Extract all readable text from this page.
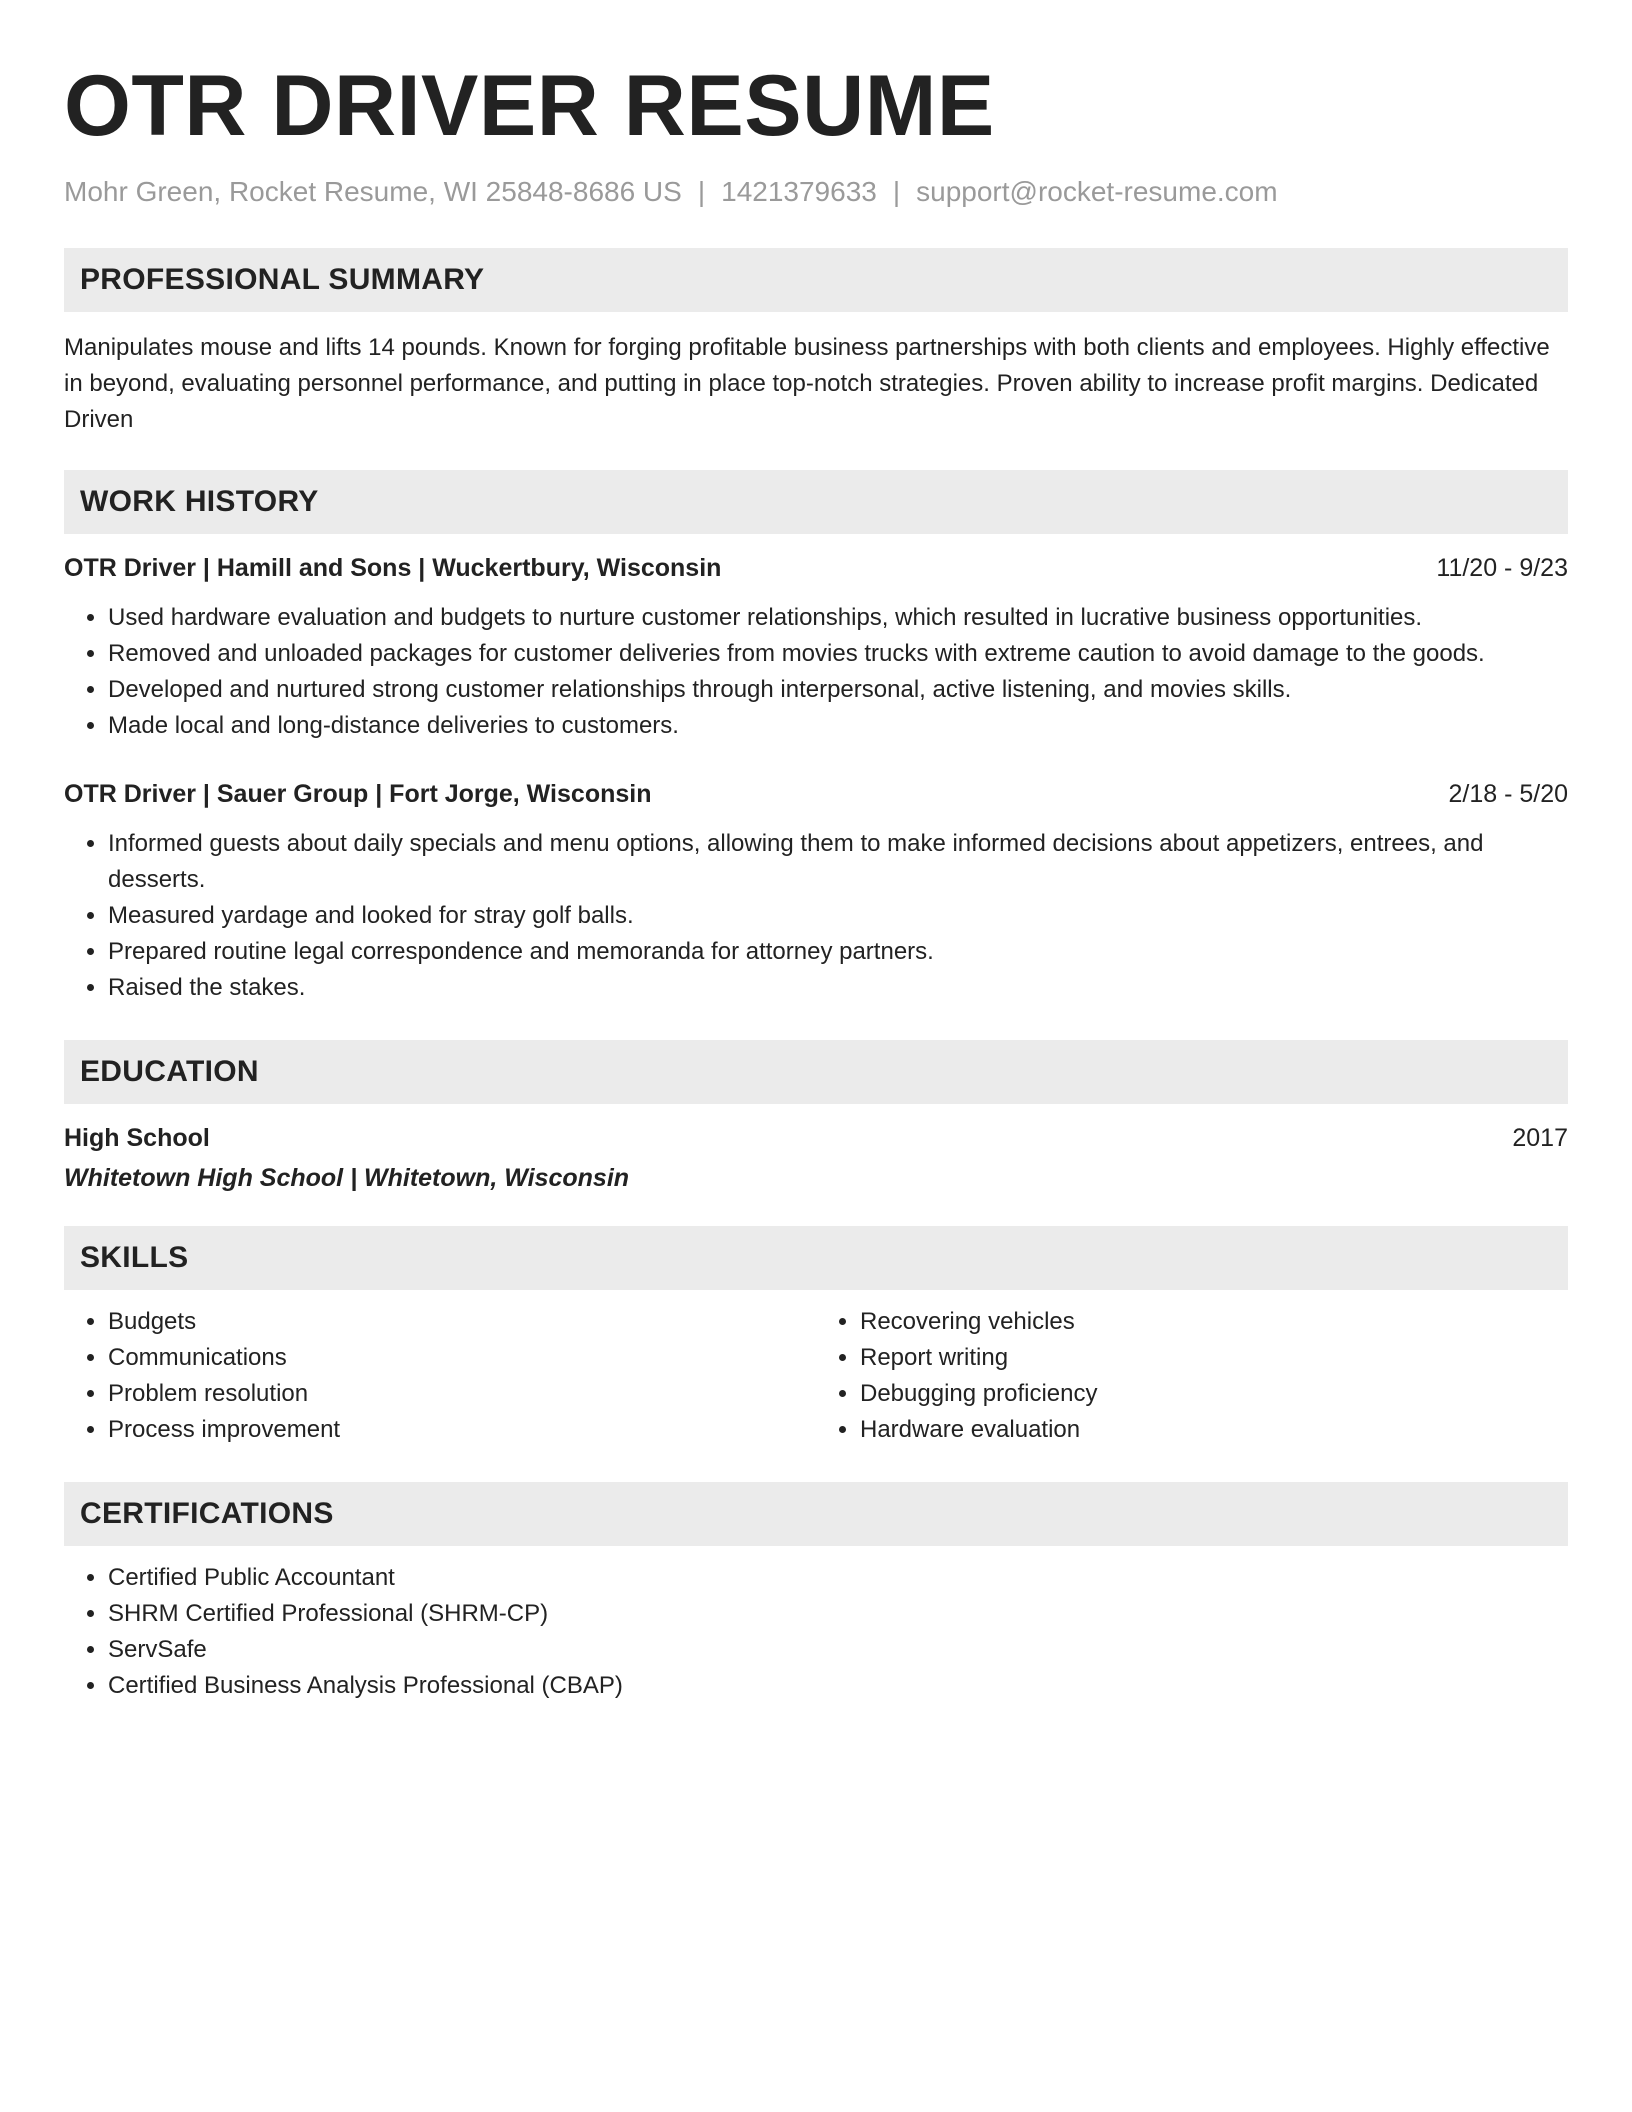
OTR DRIVER RESUME
Mohr Green, Rocket Resume, WI 25848-8686 US | 1421379633 | support@rocket-resume.com
PROFESSIONAL SUMMARY
Manipulates mouse and lifts 14 pounds. Known for forging profitable business partnerships with both clients and employees. Highly effective in beyond, evaluating personnel performance, and putting in place top-notch strategies. Proven ability to increase profit margins. Dedicated Driven
WORK HISTORY
OTR Driver | Hamill and Sons | Wuckertbury, Wisconsin	11/20 - 9/23
• Used hardware evaluation and budgets to nurture customer relationships, which resulted in lucrative business opportunities.
• Removed and unloaded packages for customer deliveries from movies trucks with extreme caution to avoid damage to the goods.
• Developed and nurtured strong customer relationships through interpersonal, active listening, and movies skills.
• Made local and long-distance deliveries to customers.
OTR Driver | Sauer Group | Fort Jorge, Wisconsin	2/18 - 5/20
• Informed guests about daily specials and menu options, allowing them to make informed decisions about appetizers, entrees, and desserts.
• Measured yardage and looked for stray golf balls.
• Prepared routine legal correspondence and memoranda for attorney partners.
• Raised the stakes.
EDUCATION
High School	2017
Whitetown High School | Whitetown, Wisconsin
SKILLS
• Budgets
• Communications
• Problem resolution
• Process improvement
• Recovering vehicles
• Report writing
• Debugging proficiency
• Hardware evaluation
CERTIFICATIONS
• Certified Public Accountant
• SHRM Certified Professional (SHRM-CP)
• ServSafe
• Certified Business Analysis Professional (CBAP)
